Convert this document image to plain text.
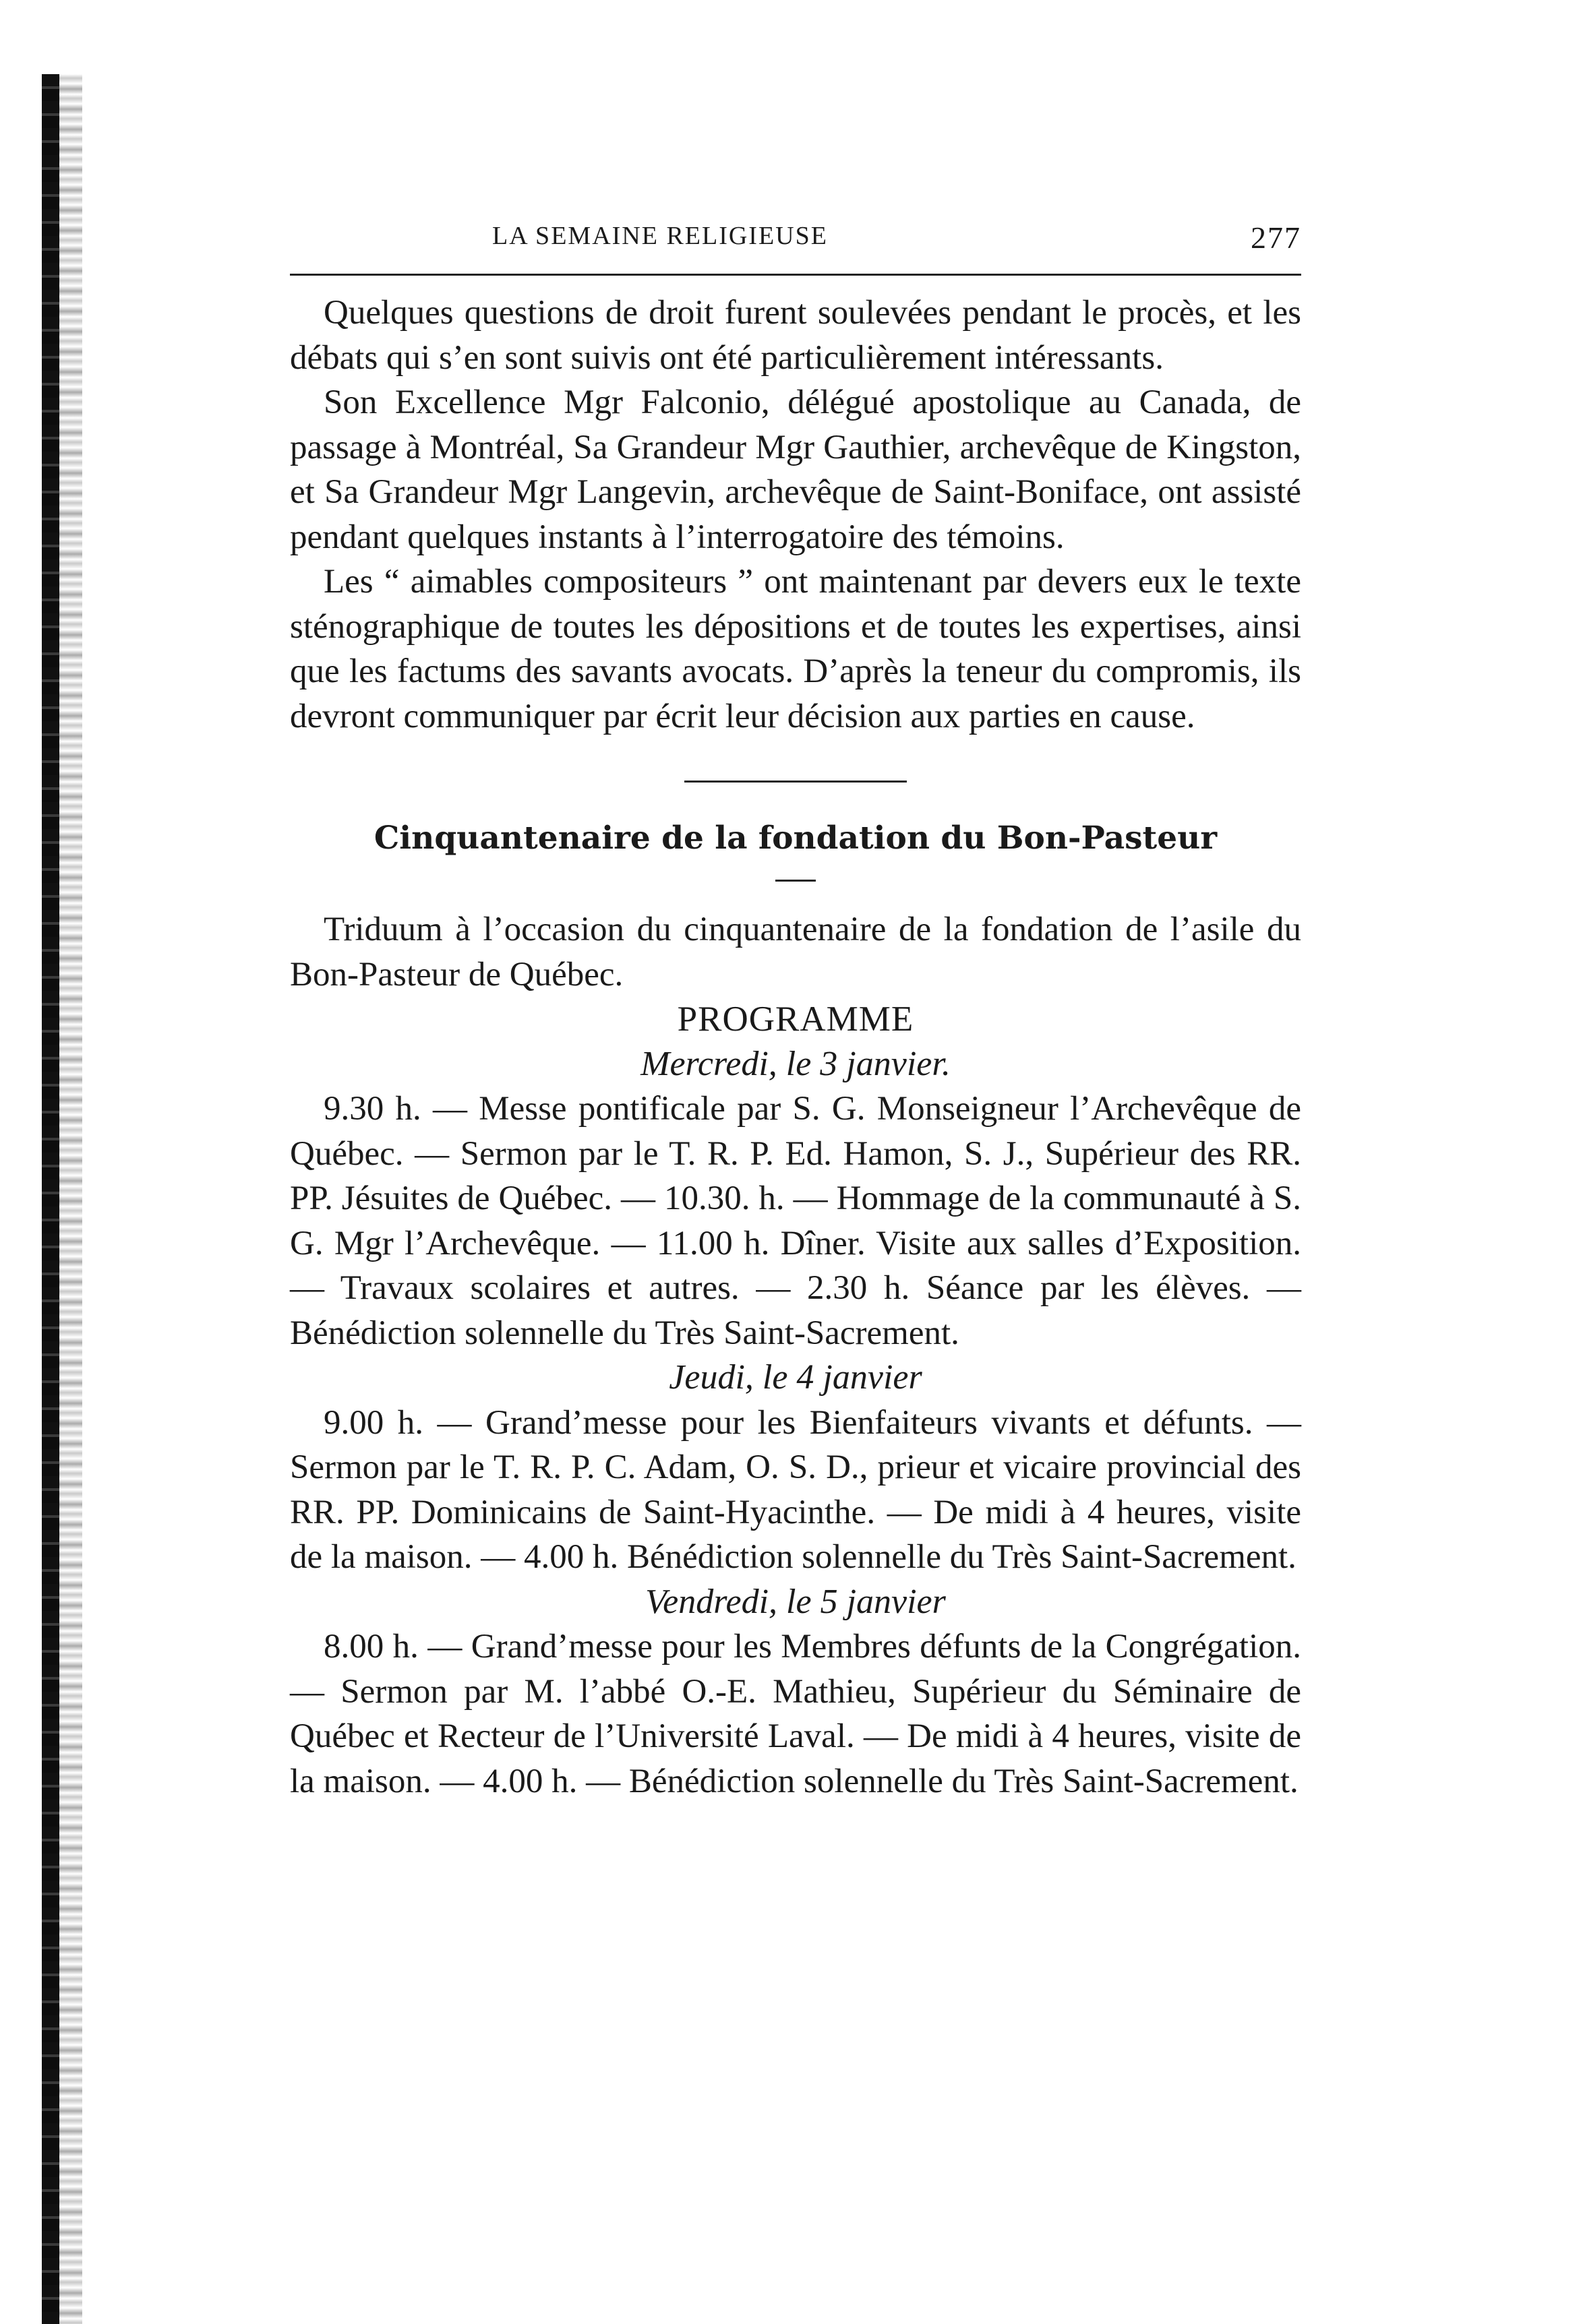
LA SEMAINE RELIGIEUSE	277

Quelques questions de droit furent soulevées pendant le procès, et les débats qui s’en sont suivis ont été particulièrement intéressants.

Son Excellence Mgr Falconio, délégué apostolique au Canada, de passage à Montréal, Sa Grandeur Mgr Gauthier, archevêque de Kingston, et Sa Grandeur Mgr Langevin, archevêque de Saint-Boniface, ont assisté pendant quelques instants à l’interrogatoire des témoins.

Les “ aimables compositeurs ” ont maintenant par devers eux le texte sténographique de toutes les dépositions et de toutes les expertises, ainsi que les factums des savants avocats. D’après la teneur du compromis, ils devront communiquer par écrit leur décision aux parties en cause.

Cinquantenaire de la fondation du Bon-Pasteur

Triduum à l’occasion du cinquantenaire de la fondation de l’asile du Bon-Pasteur de Québec.

PROGRAMME
Mercredi, le 3 janvier.

9.30 h. — Messe pontificale par S. G. Monseigneur l’Archevêque de Québec. — Sermon par le T. R. P. Ed. Hamon, S. J., Supérieur des RR. PP. Jésuites de Québec. — 10.30. h. — Hommage de la communauté à S. G. Mgr l’Archevêque. — 11.00 h. Dîner. Visite aux salles d’Exposition. — Travaux scolaires et autres. — 2.30 h. Séance par les élèves. — Bénédiction solennelle du Très Saint-Sacrement.

Jeudi, le 4 janvier

9.00 h. — Grand’messe pour les Bienfaiteurs vivants et défunts. — Sermon par le T. R. P. C. Adam, O. S. D., prieur et vicaire provincial des RR. PP. Dominicains de Saint-Hyacinthe. — De midi à 4 heures, visite de la maison. — 4.00 h. Bénédiction solennelle du Très Saint-Sacrement.

Vendredi, le 5 janvier

8.00 h. — Grand’messe pour les Membres défunts de la Congrégation. — Sermon par M. l’abbé O.-E. Mathieu, Supérieur du Séminaire de Québec et Recteur de l’Université Laval. — De midi à 4 heures, visite de la maison. — 4.00 h. — Bénédiction solennelle du Très Saint-Sacrement.
